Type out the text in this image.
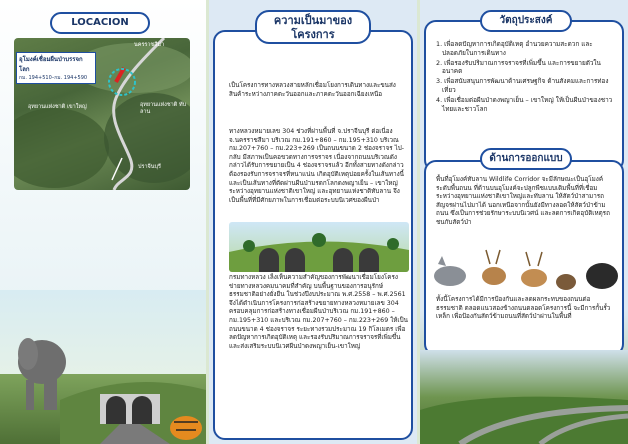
LOCACION
อุโมงค์เชื่อมผืนป่าบรรจกโลก
กม. 194+510–กม. 194+590
นครราชสีมา
อุทยานแห่งชาติ เขาใหญ่	อุทยานแห่งชาติ ทับลาน
ปราจีนบุรี
เป็นโครงการทางหลวงสายหลักเชื่อมโยงการเดินทางและขนส่งสินค้าระหว่างภาคตะวันออกและภาคตะวันออกเฉียงเหนือ
ทางหลวงหมายเลข 304 ช่วงที่ผ่านพื้นที่ จ.ปราจีนบุรี ต่อเนื่อง จ.นครราชสีมา บริเวณ กม.191+860 – กม.195+310 บริเวณ กม.207+760 – กม.223+269 เป็นถนนขนาด 2 ช่องจราจร ไป-กลับ มีสภาพเป็นคอขวดทางการจราจร เนื่องจากถนนบริเวณดังกล่าวได้รับการขยายเป็น 4 ช่องจราจรแล้ว อีกทั้งสายทางดังกล่าวต้องรองรับการจราจรที่หนาแน่น เกิดอุบัติเหตุบ่อยครั้งในเส้นทางนี้ และเป็นเส้นทางที่ตัดผ่านผืนป่ามรดกโลกดงพญาเย็น – เขาใหญ่ ระหว่างอุทยานแห่งชาติเขาใหญ่ และอุทยานแห่งชาติทับลาน จึงเป็นพื้นที่ที่มีศักยภาพในการเชื่อมต่อระบบนิเวศของผืนป่า
กรมทางหลวง เล็งเห็นความสำคัญของการพัฒนาเชื่อมโยงโครงข่ายทางหลวงคมนาคมที่สำคัญ บนพื้นฐานของการอนุรักษ์ธรรมชาติอย่างยั่งยืน ในช่วงปีงบประมาณ พ.ศ.2558 – พ.ศ.2561 จึงได้ดำเนินการโครงการก่อสร้างขยายทางหลวงหมายเลข 304 ครอบคลุมการก่อสร้างทางเชื่อมผืนป่าบริเวณ กม.191+860 – กม.195+310 และบริเวณ กม.207+760 – กม.223+269 ให้เป็นถนนขนาด 4 ช่องจราจร ระยะทางรวมประมาณ 19 กิโลเมตร เพื่อลดปัญหาการเกิดอุบัติเหตุ และรองรับปริมาณการจราจรที่เพิ่มขึ้น และส่งเสริมระบบนิเวศผืนป่าดงพญาเย็น-เขาใหญ่
ความเป็นมาของ โครงการ
1. เพื่อลดปัญหาการเกิดอุบัติเหตุ อำนวยความสะดวก และปลอดภัยในการเดินทาง
2. เพื่อรองรับปริมาณการจราจรที่เพิ่มขึ้น และการขยายตัวในอนาคต
3. เพื่อสนับสนุนการพัฒนาด้านเศรษฐกิจ ด้านสังคมและการท่องเที่ยว
4. เพื่อเชื่อมต่อผืนป่าดงพญาเย็น – เขาใหญ่ ให้เป็นผืนป่าของชาวไทยและชาวโลก
วัตถุประสงค์
ด้านการออกแบบ
พื้นที่อุโมงค์ทับลาน Wildlife Corridor จะมีลักษณะเป็นอุโมงค์ระดับพื้นถนน ที่ด้านบนอุโมงค์จะปลูกพืชแบบเดิมพื้นที่ที่เชื่อมระหว่างอุทยานแห่งชาติเขาใหญ่และทับลาน ให้สัตว์ป่าสามารถสัญจรผ่านไปมาได้ นอกเหนือจากนั้นยังมีทางลอดให้สัตว์ป่าข้ามถนน ซึ่งเป็นการช่วยรักษาระบบนิเวศน์ และลดการเกิดอุบัติเหตุรถชนกับสัตว์ป่า
ทั้งนี้โครงการได้มีการป้องกันและลดผลกระทบของถนนต่อธรรมชาติ ตลอดแนวสองข้างถนนตลอดโครงการนี้ จะมีการกั้นรั้วเหล็ก เพื่อป้องกันสัตว์ข้ามถนนที่สัตว์ป่าผ่านในพื้นที่
